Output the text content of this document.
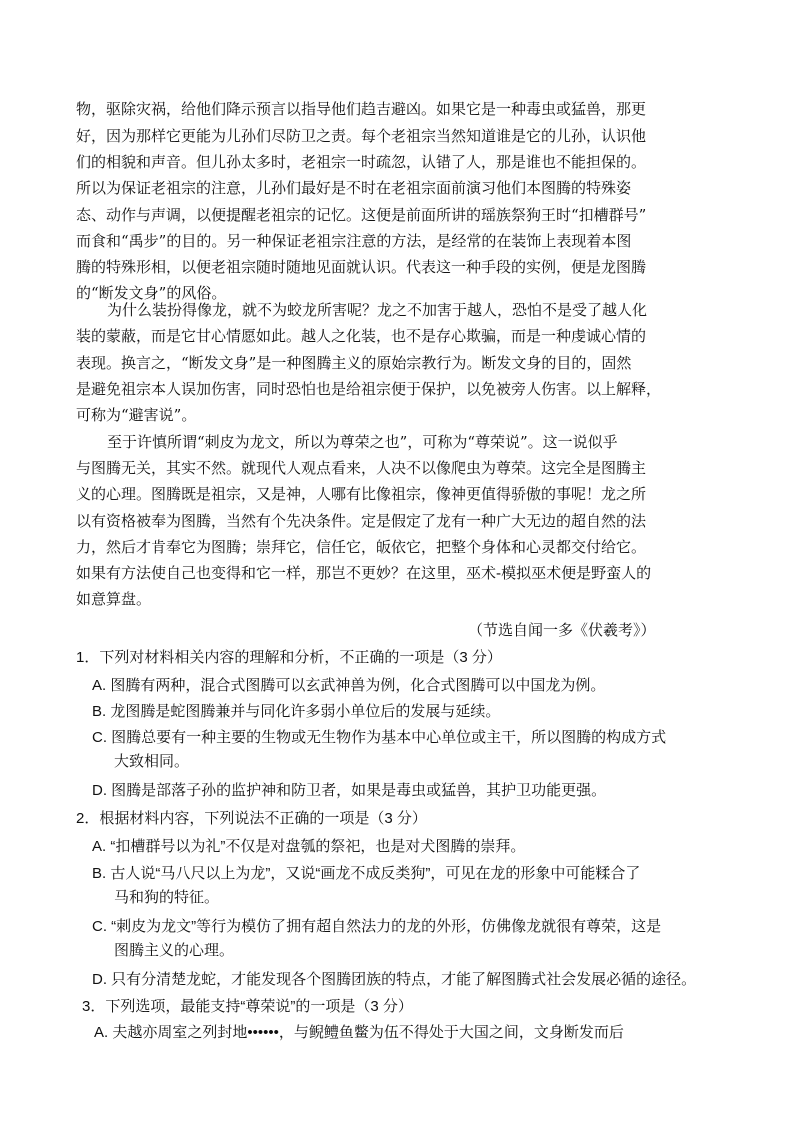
物，驱除灾祸，给他们降示预言以指导他们趋吉避凶。如果它是一种毒虫或猛兽，那更
好，因为那样它更能为儿孙们尽防卫之责。每个老祖宗当然知道谁是它的儿孙，认识他
们的相貌和声音。但儿孙太多时，老祖宗一时疏忽，认错了人，那是谁也不能担保的。
所以为保证老祖宗的注意，儿孙们最好是不时在老祖宗面前演习他们本图腾的特殊姿
态、动作与声调，以便提醒老祖宗的记忆。这便是前面所讲的瑶族祭狗王时“扣槽群号”
而食和“禹步”的目的。另一种保证老祖宗注意的方法，是经常的在装饰上表现着本图
腾的特殊形相，以便老祖宗随时随地见面就认识。代表这一种手段的实例，便是龙图腾
的“断发文身”的风俗。
为什么装扮得像龙，就不为蛟龙所害呢？龙之不加害于越人，恐怕不是受了越人化
装的蒙蔽，而是它甘心情愿如此。越人之化装，也不是存心欺骗，而是一种虔诚心情的
表现。换言之，“断发文身”是一种图腾主义的原始宗教行为。断发文身的目的，固然
是避免祖宗本人误加伤害，同时恐怕也是给祖宗便于保护，以免被旁人伤害。以上解释，
可称为“避害说”。
至于许慎所谓“刺皮为龙文，所以为尊荣之也”，可称为“尊荣说”。这一说似乎
与图腾无关，其实不然。就现代人观点看来，人决不以像爬虫为尊荣。这完全是图腾主
义的心理。图腾既是祖宗，又是神，人哪有比像祖宗，像神更值得骄傲的事呢！龙之所
以有资格被奉为图腾，当然有个先决条件。定是假定了龙有一种广大无边的超自然的法
力，然后才肯奉它为图腾；崇拜它，信任它，皈依它，把整个身体和心灵都交付给它。
如果有方法使自己也变得和它一样，那岂不更妙？在这里，巫术-模拟巫术便是野蛮人的
如意算盘。
（节选自闻一多《伏羲考》）
1．下列对材料相关内容的理解和分析，不正确的一项是（3 分）
A. 图腾有两种，混合式图腾可以玄武神兽为例，化合式图腾可以中国龙为例。
B. 龙图腾是蛇图腾兼并与同化许多弱小单位后的发展与延续。
C. 图腾总要有一种主要的生物或无生物作为基本中心单位或主干，所以图腾的构成方式
大致相同。
D. 图腾是部落子孙的监护神和防卫者，如果是毒虫或猛兽，其护卫功能更强。
2．根据材料内容，下列说法不正确的一项是（3 分）
A. “扣槽群号以为礼”不仅是对盘瓠的祭祀，也是对犬图腾的崇拜。
B. 古人说“马八尺以上为龙”，又说“画龙不成反类狗”，可见在龙的形象中可能糅合了
马和狗的特征。
C. “刺皮为龙文”等行为模仿了拥有超自然法力的龙的外形，仿佛像龙就很有尊荣，这是
图腾主义的心理。
D. 只有分清楚龙蛇，才能发现各个图腾团族的特点，才能了解图腾式社会发展必循的途径。
3．下列选项，最能支持“尊荣说”的一项是（3 分）
A. 夫越亦周室之列封地••••••，与鲵鳢鱼鳖为伍不得处于大国之间，文身断发而后
